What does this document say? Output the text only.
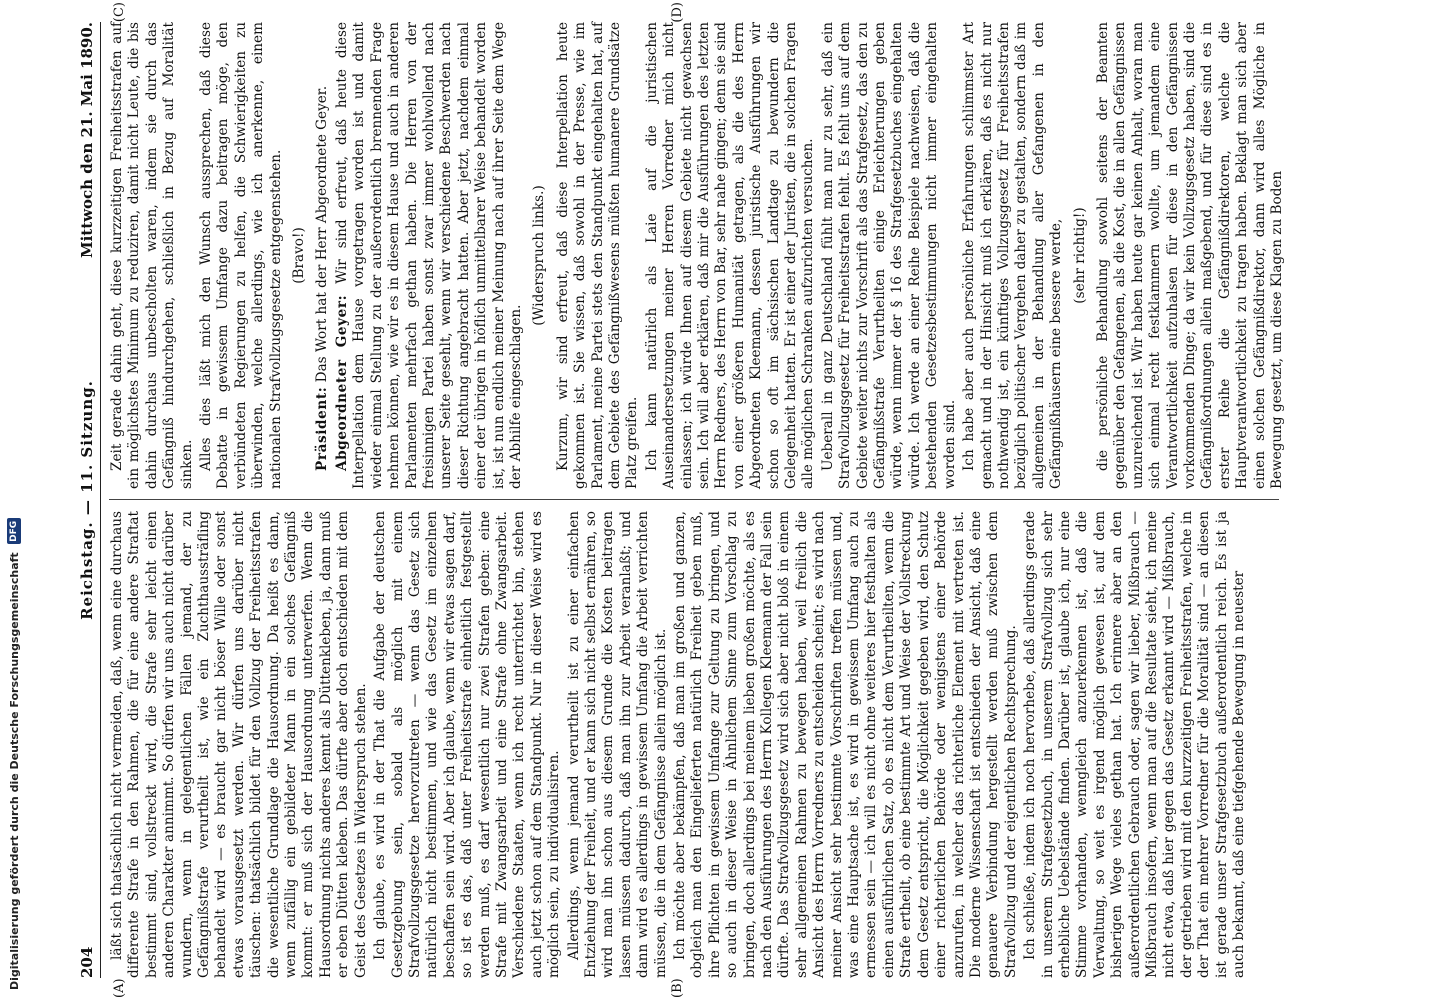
204
Reichstag. — 11. Sitzung.
Mittwoch den 21. Mai 1890.
(A)	(B)

läßt sich thatsächlich nicht vermeiden, daß, wenn eine durchaus differente Strafe in den Rahmen, die für eine andere Straftat bestimmt sind, vollstreckt wird, die Strafe sehr leicht einen anderen Charakter annimmt. So dürfen wir uns auch nicht darüber wundern, wenn in gelegentlichen Fällen jemand, der zu Gefängnißstrafe verurtheilt ist, wie ein Zuchthaussträfling behandelt wird — es braucht gar nicht böser Wille oder sonst etwas vorausgesetzt werden. Wir dürfen uns darüber nicht täuschen: thatsächlich bildet für den Vollzug der Freiheitsstrafen die wesentliche Grundlage die Hausordnung. Da heißt es dann, wenn zufällig ein gebildeter Mann in ein solches Gefängniß kommt: er muß sich der Hausordnung unterwerfen. Wenn die Hausordnung nichts anderes kennt als Düttenkleben, ja, dann muß er eben Dütten kleben. Das dürfte aber doch entschieden mit dem Geist des Gesetzes in Widerspruch stehen. Ich glaube, es wird in der That die Aufgabe der deutschen Gesetzgebung sein, sobald als möglich mit einem Strafvollzugsgesetze hervorzutreten — wenn das Gesetz sich natürlich nicht bestimmen, und wie das Gesetz im einzelnen beschaffen sein wird. Aber ich glaube, wenn wir etwas sagen darf, so ist es das, daß unter Freiheitsstrafe einheitlich festgestellt werden muß, es darf wesentlich nur zwei Strafen geben: eine Strafe mit Zwangsarbeit und eine Strafe ohne Zwangsarbeit. Verschiedene Staaten, wenn ich recht unterrichtet bin, stehen auch jetzt schon auf dem Standpunkt. Nur in dieser Weise wird es möglich sein, zu individualisiren. Allerdings, wenn jemand verurtheilt ist zu einer einfachen Entziehung der Freiheit, und er kann sich nicht selbst ernähren, so wird man ihn schon aus diesem Grunde die Kosten beitragen lassen müssen dadurch, daß man ihn zur Arbeit veranlaßt; und dann wird es allerdings in gewissem Umfang die Arbeit verrichten müssen, die in dem Gefängnisse allein möglich ist. Ich möchte aber bekämpfen, daß man im großen und ganzen, obgleich man den Eingelieferten natürlich Freiheit geben muß, ihre Pflichten in gewissem Umfange zur Geltung zu bringen, und so auch in dieser Weise in Ähnlichem Sinne zum Vorschlag zu bringen, doch allerdings bei meinem lieben großen möchte, als es nach den Ausführungen des Herrn Kollegen Kleemann der Fall sein dürfte. Das Strafvollzugsgesetz wird sich aber nicht bloß in einem sehr allgemeinen Rahmen zu bewegen haben, weil freilich die Ansicht des Herrn Vorredners zu entscheiden scheint; es wird nach meiner Ansicht sehr bestimmte Vorschriften treffen müssen und, was eine Hauptsache ist, es wird in gewissem Umfang auch zu ermessen sein — ich will es nicht ohne weiteres hier festhalten als einen ausführlichen Satz, ob es nicht dem Verurtheilten, wenn die Strafe ertheilt, ob eine bestimmte Art und Weise der Vollstreckung dem Gesetz entspricht, die Möglichkeit gegeben wird, den Schutz einer richterlichen Behörde oder wenigstens einer Behörde anzurufen, in welcher das richterliche Element mit vertreten ist. Die moderne Wissenschaft ist entschieden der Ansicht, daß eine genauere Verbindung hergestellt werden muß zwischen dem Strafvollzug und der eigentlichen Rechtsprechung. Ich schließe, indem ich noch hervorhebe, daß allerdings gerade in unserem Strafgesetzbuch, in unserem Strafvollzug sich sehr erhebliche Uebelstände finden. Darüber ist, glaube ich, nur eine Stimme vorhanden, wenngleich anzuerkennen ist, daß die Verwaltung, so weit es irgend möglich gewesen ist, auf dem bisherigen Wege vieles gethan hat. Ich erinnere aber an den außerordentlichen Gebrauch oder, sagen wir lieber, Mißbrauch — Mißbrauch insofern, wenn man auf die Resultate sieht, ich meine nicht etwa, daß hier gegen das Gesetz erkannt wird — Mißbrauch, der getrieben wird mit den kurzzeitigen Freiheitsstrafen, welche in der That ein mehrer Vorredner für die Moralität sind — an diesen ist gerade unser Strafgesetzbuch außerordentlich reich. Es ist ja auch bekannt, daß eine tiefgehende Bewegung in neuester

(C)	(D)

Zeit gerade dahin geht, diese kurzzeitigen Freiheitsstrafen auf ein möglichstes Minimum zu reduziren, damit nicht Leute, die bis dahin durchaus unbescholten waren, indem sie durch das Gefängniß hindurchgehen, schließlich in Bezug auf Moralität sinken. Alles dies läßt mich den Wunsch aussprechen, daß diese Debatte in gewissem Umfange dazu beitragen möge, den verbündeten Regierungen zu helfen, die Schwierigkeiten zu überwinden, welche allerdings, wie ich anerkenne, einem nationalen Strafvollzugsgesetze entgegenstehen. (Bravo!)

Präsident: Das Wort hat der Herr Abgeordnete Geyer. Abgeordneter Geyer: Wir sind erfreut, daß heute diese Interpellation dem Hause vorgetragen worden ist und damit wieder einmal Stellung zu der außerordentlich brennenden Frage nehmen können, wie wir es in diesem Hause und auch in anderen Parlamenten mehrfach gethan haben. Die Herren von der freisinnigen Partei haben sonst zwar immer wohlwollend nach unserer Seite gesehlt, wenn wir verschiedene Beschwerden nach dieser Richtung angebracht hatten. Aber jetzt, nachdem einmal einer der übrigen in höflich unmittelbarer Weise behandelt worden ist, ist nun endlich meiner Meinung nach auf ihrer Seite dem Wege der Abhilfe eingeschlagen.

(Widerspruch links.) Kurzum, wir sind erfreut, daß diese Interpellation heute gekommen ist. Sie wissen, daß sowohl in der Presse, wie im Parlament, meine Partei stets den Standpunkt eingehalten hat, auf dem Gebiete des Gefängnißwesens müßten humanere Grundsätze Platz greifen. Ich kann natürlich als Laie auf die juristischen Auseinandersetzungen meiner Herren Vorredner mich nicht einlassen; ich würde Ihnen auf diesem Gebiete nicht gewachsen sein. Ich will aber erklären, daß mir die Ausführungen des letzten Herrn Redners, des Herrn von Bar, sehr nahe gingen; denn sie sind von einer größeren Humanität getragen, als die des Herrn Abgeordneten Kleemann, dessen juristische Ausführungen wir schon so oft im sächsischen Landtage zu bewundern die Gelegenheit hatten. Er ist einer der Juristen, die in solchen Fragen alle möglichen Schranken aufzurichten versuchen. Ueberall in ganz Deutschland fühlt man nur zu sehr, daß ein Strafvollzugsgesetz für Freiheitsstrafen fehlt. Es fehlt uns auf dem Gebiete weiter nichts zur Vorschrift als das Strafgesetz, das den zu Gefängnißstrafe Verurtheilten einige Erleichterungen geben würde, wenn immer der § 16 des Strafgesetzbuches eingehalten würde. Ich werde an einer Reihe Beispiele nachweisen, daß die bestehenden Gesetzesbestimmungen nicht immer eingehalten worden sind. Ich habe aber auch persönliche Erfahrungen schlimmster Art gemacht und in der Hinsicht muß ich erklären, daß es nicht nur nothwendig ist, ein künftiges Vollzugsgesetz für Freiheitsstrafen bezüglich politischer Vergehen daher zu gestalten, sondern daß im allgemeinen in der Behandlung aller Gefangenen in den Gefängnißhäusern eine bessere werde, (sehr richtig!) die persönliche Behandlung sowohl seitens der Beamten gegenüber den Gefangenen, als die Kost, die in allen Gefängnissen unzureichend ist. Wir haben heute gar keinen Anhalt, woran man sich einmal recht festklammern wollte, um jemandem eine Verantwortlichkeit aufzuhalsen für diese in den Gefängnissen vorkommenden Dinge; da wir kein Vollzugsgesetz haben, sind die Gefängnißordnungen allein maßgebend, und für diese sind es in erster Reihe die Gefängnißdirektoren, welche die Hauptverantwortlichkeit zu tragen haben. Beklagt man sich aber einen solchen Gefängnißdirektor, dann wird alles Mögliche in Bewegung gesetzt, um diese Klagen zu Boden

Digitalisierung gefördert durch die Deutsche Forschungsgemeinschaft
DFG
